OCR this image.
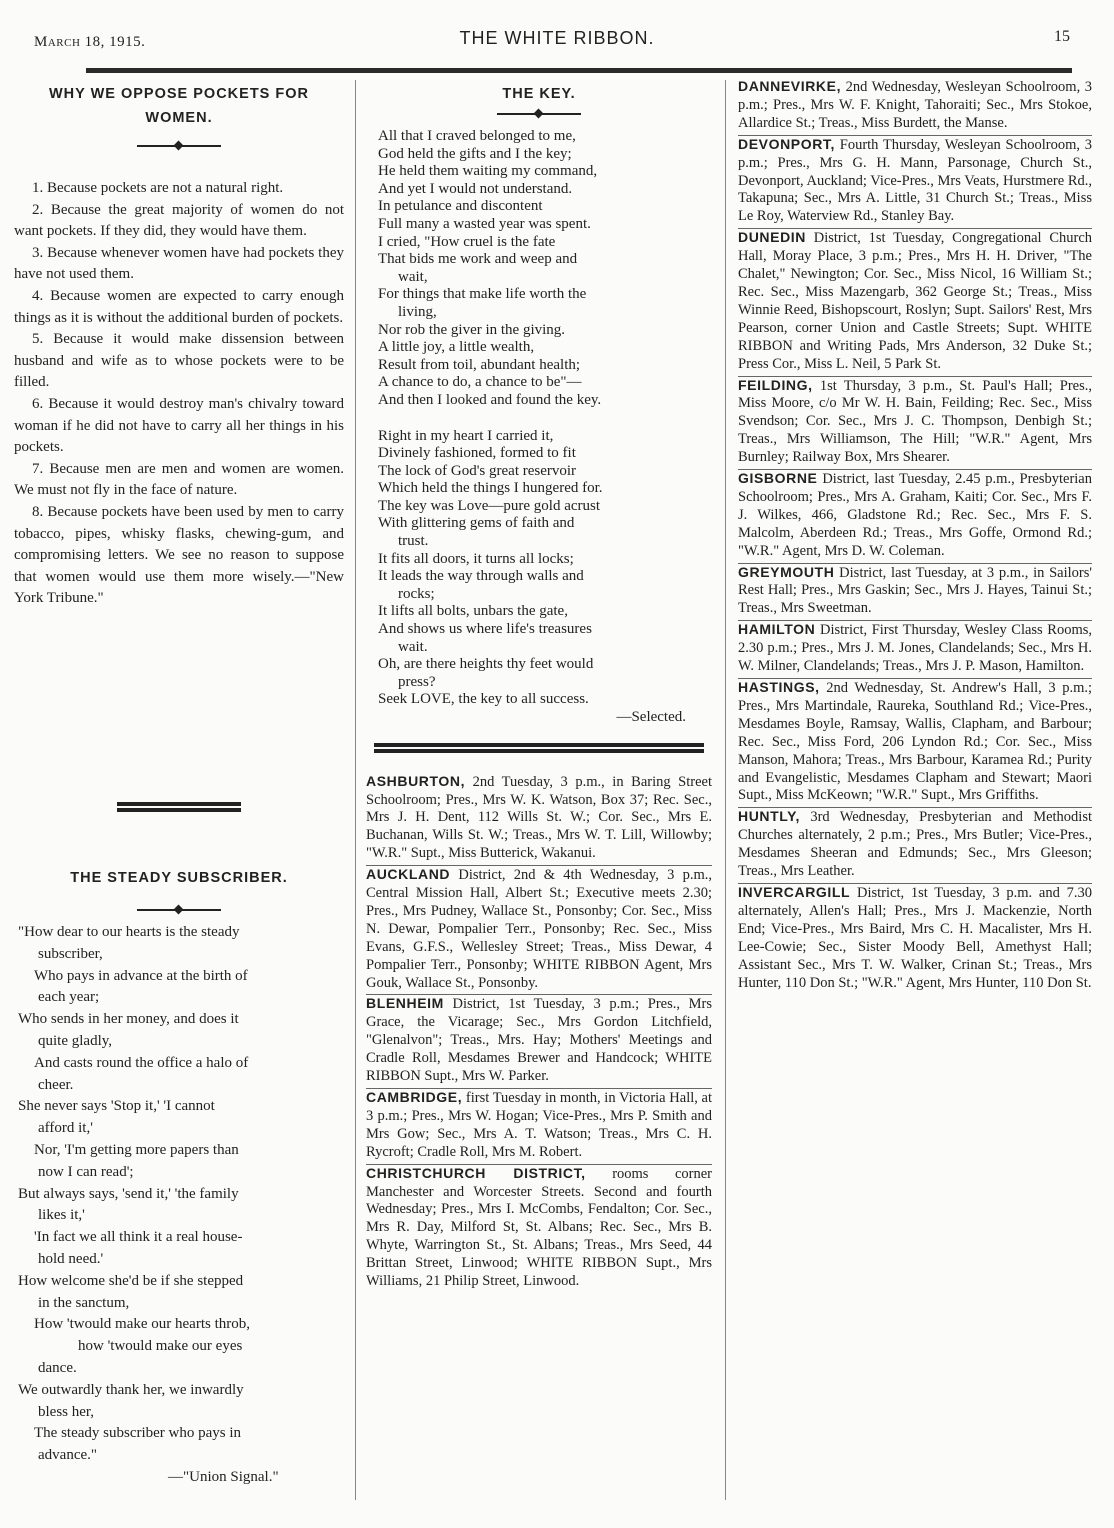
March 18, 1915.	THE WHITE RIBBON.	15
WHY WE OPPOSE POCKETS FOR WOMEN.

1. Because pockets are not a natural right.

2. Because the great majority of women do not want pockets. If they did, they would have them.

3. Because whenever women have had pockets they have not used them.

4. Because women are expected to carry enough things as it is without the additional burden of pockets.

5. Because it would make dissension between husband and wife as to whose pockets were to be filled.

6. Because it would destroy man's chivalry toward woman if he did not have to carry all her things in his pockets.

7. Because men are men and women are women. We must not fly in the face of nature.

8. Because pockets have been used by men to carry tobacco, pipes, whisky flasks, chewing-gum, and compromising letters. We see no reason to suppose that women would use them more wisely.—"New York Tribune."

THE STEADY SUBSCRIBER.
"How dear to our hearts is the steady
subscriber,
Who pays in advance at the birth of
each year;
Who sends in her money, and does it
quite gladly,
And casts round the office a halo of
cheer.
She never says 'Stop it,' 'I cannot
afford it,'
Nor, 'I'm getting more papers than
now I can read';
But always says, 'send it,' 'the family
likes it,'
'In fact we all think it a real house-
hold need.'
How welcome she'd be if she stepped
in the sanctum,
How 'twould make our hearts throb,
how 'twould make our eyes
dance.
We outwardly thank her, we inwardly
bless her,
The steady subscriber who pays in
advance."
—"Union Signal."
THE KEY.
All that I craved belonged to me,
God held the gifts and I the key;
He held them waiting my command,
And yet I would not understand.
In petulance and discontent
Full many a wasted year was spent.
I cried, "How cruel is the fate
That bids me work and weep and
wait,
For things that make life worth the
living,
Nor rob the giver in the giving.
A little joy, a little wealth,
Result from toil, abundant health;
A chance to do, a chance to be"—
And then I looked and found the key.
Right in my heart I carried it,
Divinely fashioned, formed to fit
The lock of God's great reservoir
Which held the things I hungered for.
The key was Love—pure gold acrust
With glittering gems of faith and
trust.
It fits all doors, it turns all locks;
It leads the way through walls and
rocks;
It lifts all bolts, unbars the gate,
And shows us where life's treasures
wait.
Oh, are there heights thy feet would
press?
Seek LOVE, the key to all success.
—Selected.
ASHBURTON, 2nd Tuesday, 3 p.m., in Baring Street Schoolroom; Pres., Mrs W. K. Watson, Box 37; Rec. Sec., Mrs J. H. Dent, 112 Wills St. W.; Cor. Sec., Mrs E. Buchanan, Wills St. W.; Treas., Mrs W. T. Lill, Willowby; "W.R." Supt., Miss Butterick, Wakanui.
AUCKLAND District, 2nd & 4th Wednesday, 3 p.m., Central Mission Hall, Albert St.; Executive meets 2.30; Pres., Mrs Pudney, Wallace St., Ponsonby; Cor. Sec., Miss N. Dewar, Pompalier Terr., Ponsonby; Rec. Sec., Miss Evans, G.F.S., Wellesley Street; Treas., Miss Dewar, 4 Pompalier Terr., Ponsonby; WHITE RIBBON Agent, Mrs Gouk, Wallace St., Ponsonby.
BLENHEIM District, 1st Tuesday, 3 p.m.; Pres., Mrs Grace, the Vicarage; Sec., Mrs Gordon Litchfield, "Glenalvon"; Treas., Mrs. Hay; Mothers' Meetings and Cradle Roll, Mesdames Brewer and Handcock; WHITE RIBBON Supt., Mrs W. Parker.
CAMBRIDGE, first Tuesday in month, in Victoria Hall, at 3 p.m.; Pres., Mrs W. Hogan; Vice-Pres., Mrs P. Smith and Mrs Gow; Sec., Mrs A. T. Watson; Treas., Mrs C. H. Rycroft; Cradle Roll, Mrs M. Robert.
CHRISTCHURCH DISTRICT, rooms corner Manchester and Worcester Streets. Second and fourth Wednesday; Pres., Mrs I. McCombs, Fendalton; Cor. Sec., Mrs R. Day, Milford St, St. Albans; Rec. Sec., Mrs B. Whyte, Warrington St., St. Albans; Treas., Mrs Seed, 44 Brittan Street, Linwood; WHITE RIBBON Supt., Mrs Williams, 21 Philip Street, Linwood.
DANNEVIRKE, 2nd Wednesday, Wesleyan Schoolroom, 3 p.m.; Pres., Mrs W. F. Knight, Tahoraiti; Sec., Mrs Stokoe, Allardice St.; Treas., Miss Burdett, the Manse.
DEVONPORT, Fourth Thursday, Wesleyan Schoolroom, 3 p.m.; Pres., Mrs G. H. Mann, Parsonage, Church St., Devonport, Auckland; Vice-Pres., Mrs Veats, Hurstmere Rd., Takapuna; Sec., Mrs A. Little, 31 Church St.; Treas., Miss Le Roy, Waterview Rd., Stanley Bay.
DUNEDIN District, 1st Tuesday, Congregational Church Hall, Moray Place, 3 p.m.; Pres., Mrs H. H. Driver, "The Chalet," Newington; Cor. Sec., Miss Nicol, 16 William St.; Rec. Sec., Miss Mazengarb, 362 George St.; Treas., Miss Winnie Reed, Bishopscourt, Roslyn; Supt. Sailors' Rest, Mrs Pearson, corner Union and Castle Streets; Supt. WHITE RIBBON and Writing Pads, Mrs Anderson, 32 Duke St.; Press Cor., Miss L. Neil, 5 Park St.
FEILDING, 1st Thursday, 3 p.m., St. Paul's Hall; Pres., Miss Moore, c/o Mr W. H. Bain, Feilding; Rec. Sec., Miss Svendson; Cor. Sec., Mrs J. C. Thompson, Denbigh St.; Treas., Mrs Williamson, The Hill; "W.R." Agent, Mrs Burnley; Railway Box, Mrs Shearer.
GISBORNE District, last Tuesday, 2.45 p.m., Presbyterian Schoolroom; Pres., Mrs A. Graham, Kaiti; Cor. Sec., Mrs F. J. Wilkes, 466, Gladstone Rd.; Rec. Sec., Mrs F. S. Malcolm, Aberdeen Rd.; Treas., Mrs Goffe, Ormond Rd.; "W.R." Agent, Mrs D. W. Coleman.
GREYMOUTH District, last Tuesday, at 3 p.m., in Sailors' Rest Hall; Pres., Mrs Gaskin; Sec., Mrs J. Hayes, Tainui St.; Treas., Mrs Sweetman.
HAMILTON District, First Thursday, Wesley Class Rooms, 2.30 p.m.; Pres., Mrs J. M. Jones, Clandelands; Sec., Mrs H. W. Milner, Clandelands; Treas., Mrs J. P. Mason, Hamilton.
HASTINGS, 2nd Wednesday, St. Andrew's Hall, 3 p.m.; Pres., Mrs Martindale, Raureka, Southland Rd.; Vice-Pres., Mesdames Boyle, Ramsay, Wallis, Clapham, and Barbour; Rec. Sec., Miss Ford, 206 Lyndon Rd.; Cor. Sec., Miss Manson, Mahora; Treas., Mrs Barbour, Karamea Rd.; Purity and Evangelistic, Mesdames Clapham and Stewart; Maori Supt., Miss McKeown; "W.R." Supt., Mrs Griffiths.
HUNTLY, 3rd Wednesday, Presbyterian and Methodist Churches alternately, 2 p.m.; Pres., Mrs Butler; Vice-Pres., Mesdames Sheeran and Edmunds; Sec., Mrs Gleeson; Treas., Mrs Leather.
INVERCARGILL District, 1st Tuesday, 3 p.m. and 7.30 alternately, Allen's Hall; Pres., Mrs J. Mackenzie, North End; Vice-Pres., Mrs Baird, Mrs C. H. Macalister, Mrs H. Lee-Cowie; Sec., Sister Moody Bell, Amethyst Hall; Assistant Sec., Mrs T. W. Walker, Crinan St.; Treas., Mrs Hunter, 110 Don St.; "W.R." Agent, Mrs Hunter, 110 Don St.
